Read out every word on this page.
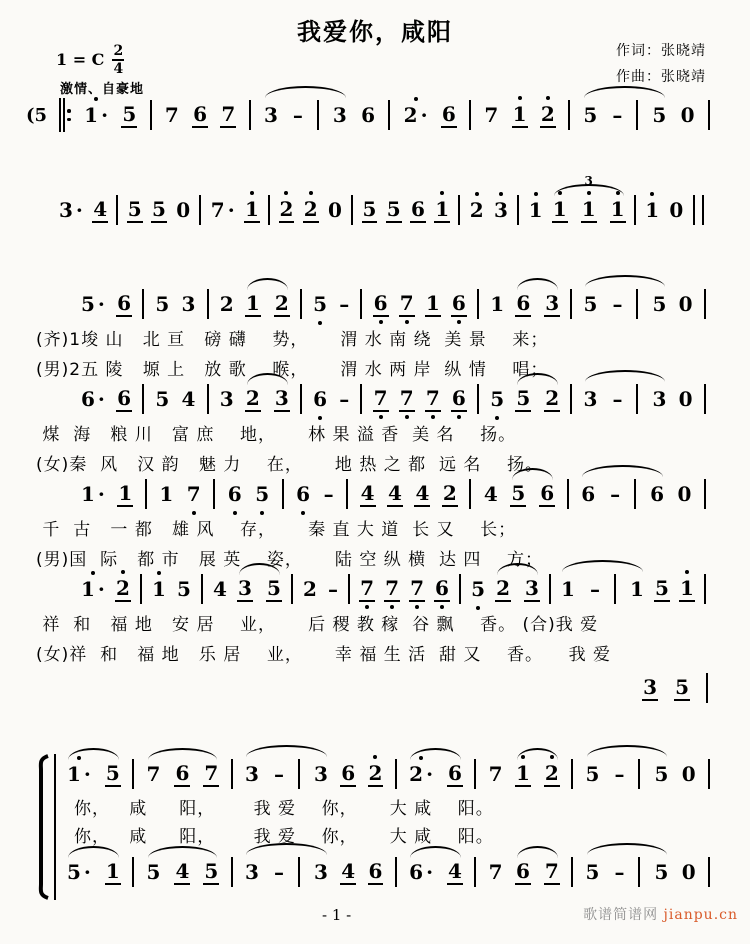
我爱你，咸阳
作词：张晓靖
作曲：张晓靖
1 = C $\frac{2}{4}$
激情、自豪地
(5 1 · 5 7 6 7 3 – 3 6 2 · 6 7 1 2 5 – 5 0
3 · 4 5 5 0 7 · 1 2 2 0 5 5 6 1 2 3 1
3
1 1 1 1 0
5 · 6 5 3 2 1 2 5 – 6 7 1 6 1 6 3 5 – 5 0
(齐)1埈 山   北 亘   磅 礴    势，     渭 水 南 绕  美 景    来；
(男)2五 陵   塬 上   放 歌    喉，     渭 水 两 岸  纵 情    唱；
6 · 6 5 4 3 2 3 6 – 7 7 7 6 5 5 2 3 – 3 0
煤  海   粮 川   富 庶    地，     林 果 溢 香  美 名    扬。
(女)秦  风   汉 韵   魅 力    在，     地 热 之 都  远 名    扬。
1 · 1 1 7 6 5 6 – 4 4 4 2 4 5 6 6 – 6 0
千  古   一 都   雄 风    存，     秦 直 大 道  长 又    长；
(男)国  际   都 市   展 英    姿，     陆 空 纵 横  达 四    方；
1 · 2 1 5 4 3 5 2 – 7 7 7 6 5 2 3 1 – 1 5 1
祥  和   福 地   安 居    业，     后 稷 教 稼  谷 飘    香。 (合)我 爱
(女)祥  和   福 地   乐 居    业，     幸 福 生 活  甜 又    香。    我 爱
3 5
1 · 5 7 6 7 3 – 3 6 2 2 · 6 7 1 2 5 – 5 0
你，   咸     阳，      我 爱    你，     大 咸    阳。
你，   咸     阳，      我 爱    你，     大 咸    阳。
5 · 1 5 4 5 3 – 3 4 6 6 · 4 7 6 7 5 – 5 0
- 1 -	歌谱简谱网 jianpu.cn
